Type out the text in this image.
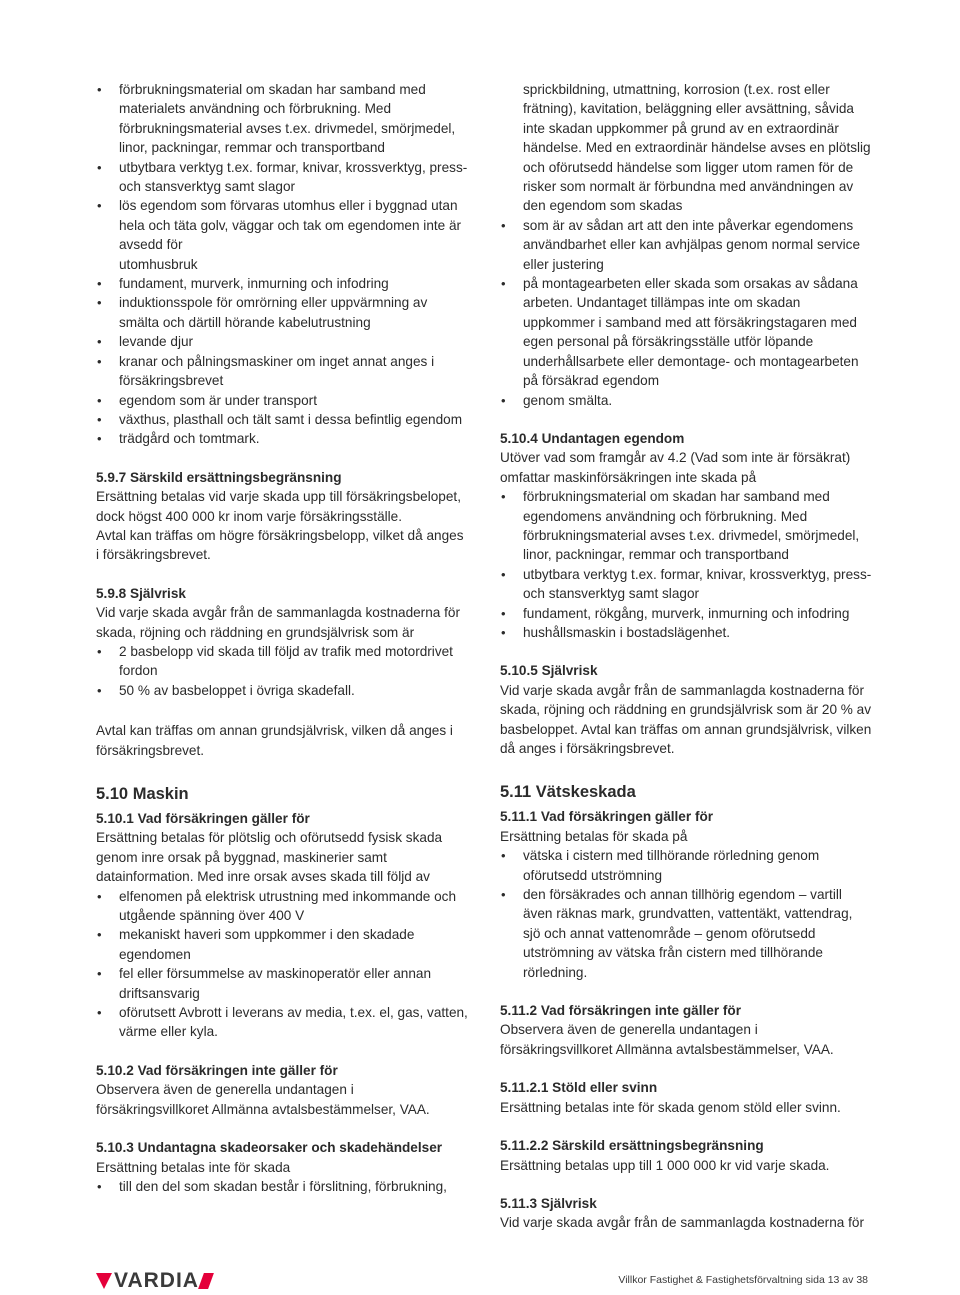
• förbrukningsmaterial om skadan har samband med materialets användning och förbrukning. Med förbrukningsmaterial avses t.ex. drivmedel, smörjmedel, linor, packningar, remmar och transportband
• utbytbara verktyg t.ex. formar, knivar, krossverktyg, press- och stansverktyg samt slagor
• lös egendom som förvaras utomhus eller i byggnad utan hela och täta golv, väggar och tak om egendomen inte är avsedd för
utomhusbruk
• fundament, murverk, inmurning och infodring
• induktionsspole för omrörning eller uppvärmning av smälta och därtill hörande kabelutrustning
• levande djur
• kranar och pålningsmaskiner om inget annat anges i försäkringsbrevet
• egendom som är under transport
• växthus, plasthall och tält samt i dessa befintlig egendom
• trädgård och tomtmark.
5.9.7 Särskild ersättningsbegränsning

Ersättning betalas vid varje skada upp till försäkringsbelopet, dock högst 400 000 kr inom varje försäkringsställe.

Avtal kan träffas om högre försäkringsbelopp, vilket då anges i försäkringsbrevet.

5.9.8 Självrisk

Vid varje skada avgår från de sammanlagda kostnaderna för skada, röjning och räddning en grundsjälvrisk som är

• 2 basbelopp vid skada till följd av trafik med motordrivet fordon
• 50 % av basbeloppet i övriga skadefall.

Avtal kan träffas om annan grundsjälvrisk, vilken då anges i försäkringsbrevet.

5.10 Maskin
5.10.1 Vad försäkringen gäller för

Ersättning betalas för plötslig och oförutsedd fysisk skada genom inre orsak på byggnad, maskinerier samt datainformation. Med inre orsak avses skada till följd av

• elfenomen på elektrisk utrustning med inkommande och utgående spänning över 400 V
• mekaniskt haveri som uppkommer i den skadade egendomen
• fel eller försummelse av maskinoperatör eller annan driftsansvarig
• oförutsett Avbrott i leverans av media, t.ex. el, gas, vatten, värme eller kyla.
5.10.2 Vad försäkringen inte gäller för

Observera även de generella undantagen i försäkringsvillkoret Allmänna avtalsbestämmelser, VAA.

5.10.3 Undantagna skadeorsaker och skadehändelser

Ersättning betalas inte för skada

• till den del som skadan består i förslitning, förbrukning,

sprickbildning, utmattning, korrosion (t.ex. rost eller frätning), kavitation, beläggning eller avsättning, såvida inte skadan uppkommer på grund av en extraordinär händelse. Med en extraordinär händelse avses en plötslig och oförutsedd händelse som ligger utom ramen för de risker som normalt är förbundna med användningen av den egendom som skadas

• som är av sådan art att den inte påverkar egendomens användbarhet eller kan avhjälpas genom normal service eller justering
• på montagearbeten eller skada som orsakas av sådana arbeten. Undantaget tillämpas inte om skadan uppkommer i samband med att försäkringstagaren med egen personal på försäkringsställe utför löpande underhållsarbete eller demontage- och montagearbeten på försäkrad egendom
• genom smälta.
5.10.4 Undantagen egendom

Utöver vad som framgår av 4.2 (Vad som inte är försäkrat) omfattar maskinförsäkringen inte skada på

• förbrukningsmaterial om skadan har samband med egendomens användning och förbrukning. Med förbrukningsmaterial avses t.ex. drivmedel, smörjmedel, linor, packningar, remmar och transportband
• utbytbara verktyg t.ex. formar, knivar, krossverktyg, press- och stansverktyg samt slagor
• fundament, rökgång, murverk, inmurning och infodring
• hushållsmaskin i bostadslägenhet.
5.10.5 Självrisk

Vid varje skada avgår från de sammanlagda kostnaderna för skada, röjning och räddning en grundsjälvrisk som är 20 % av basbeloppet. Avtal kan träffas om annan grundsjälvrisk, vilken då anges i försäkringsbrevet.

5.11 Vätskeskada
5.11.1 Vad försäkringen gäller för

Ersättning betalas för skada på

• vätska i cistern med tillhörande rörledning genom oförutsedd utströmning
• den försäkrades och annan tillhörig egendom – vartill även räknas mark, grundvatten, vattentäkt, vattendrag, sjö och annat vattenområde – genom oförutsedd utströmning av vätska från cistern med tillhörande rörledning.
5.11.2 Vad försäkringen inte gäller för

Observera även de generella undantagen i försäkringsvillkoret Allmänna avtalsbestämmelser, VAA.

5.11.2.1 Stöld eller svinn

Ersättning betalas inte för skada genom stöld eller svinn.

5.11.2.2 Särskild ersättningsbegränsning

Ersättning betalas upp till 1 000 000 kr vid varje skada.

5.11.3 Självrisk

Vid varje skada avgår från de sammanlagda kostnaderna för

VARDIA	Villkor Fastighet & Fastighetsförvaltning sida 13 av 38
